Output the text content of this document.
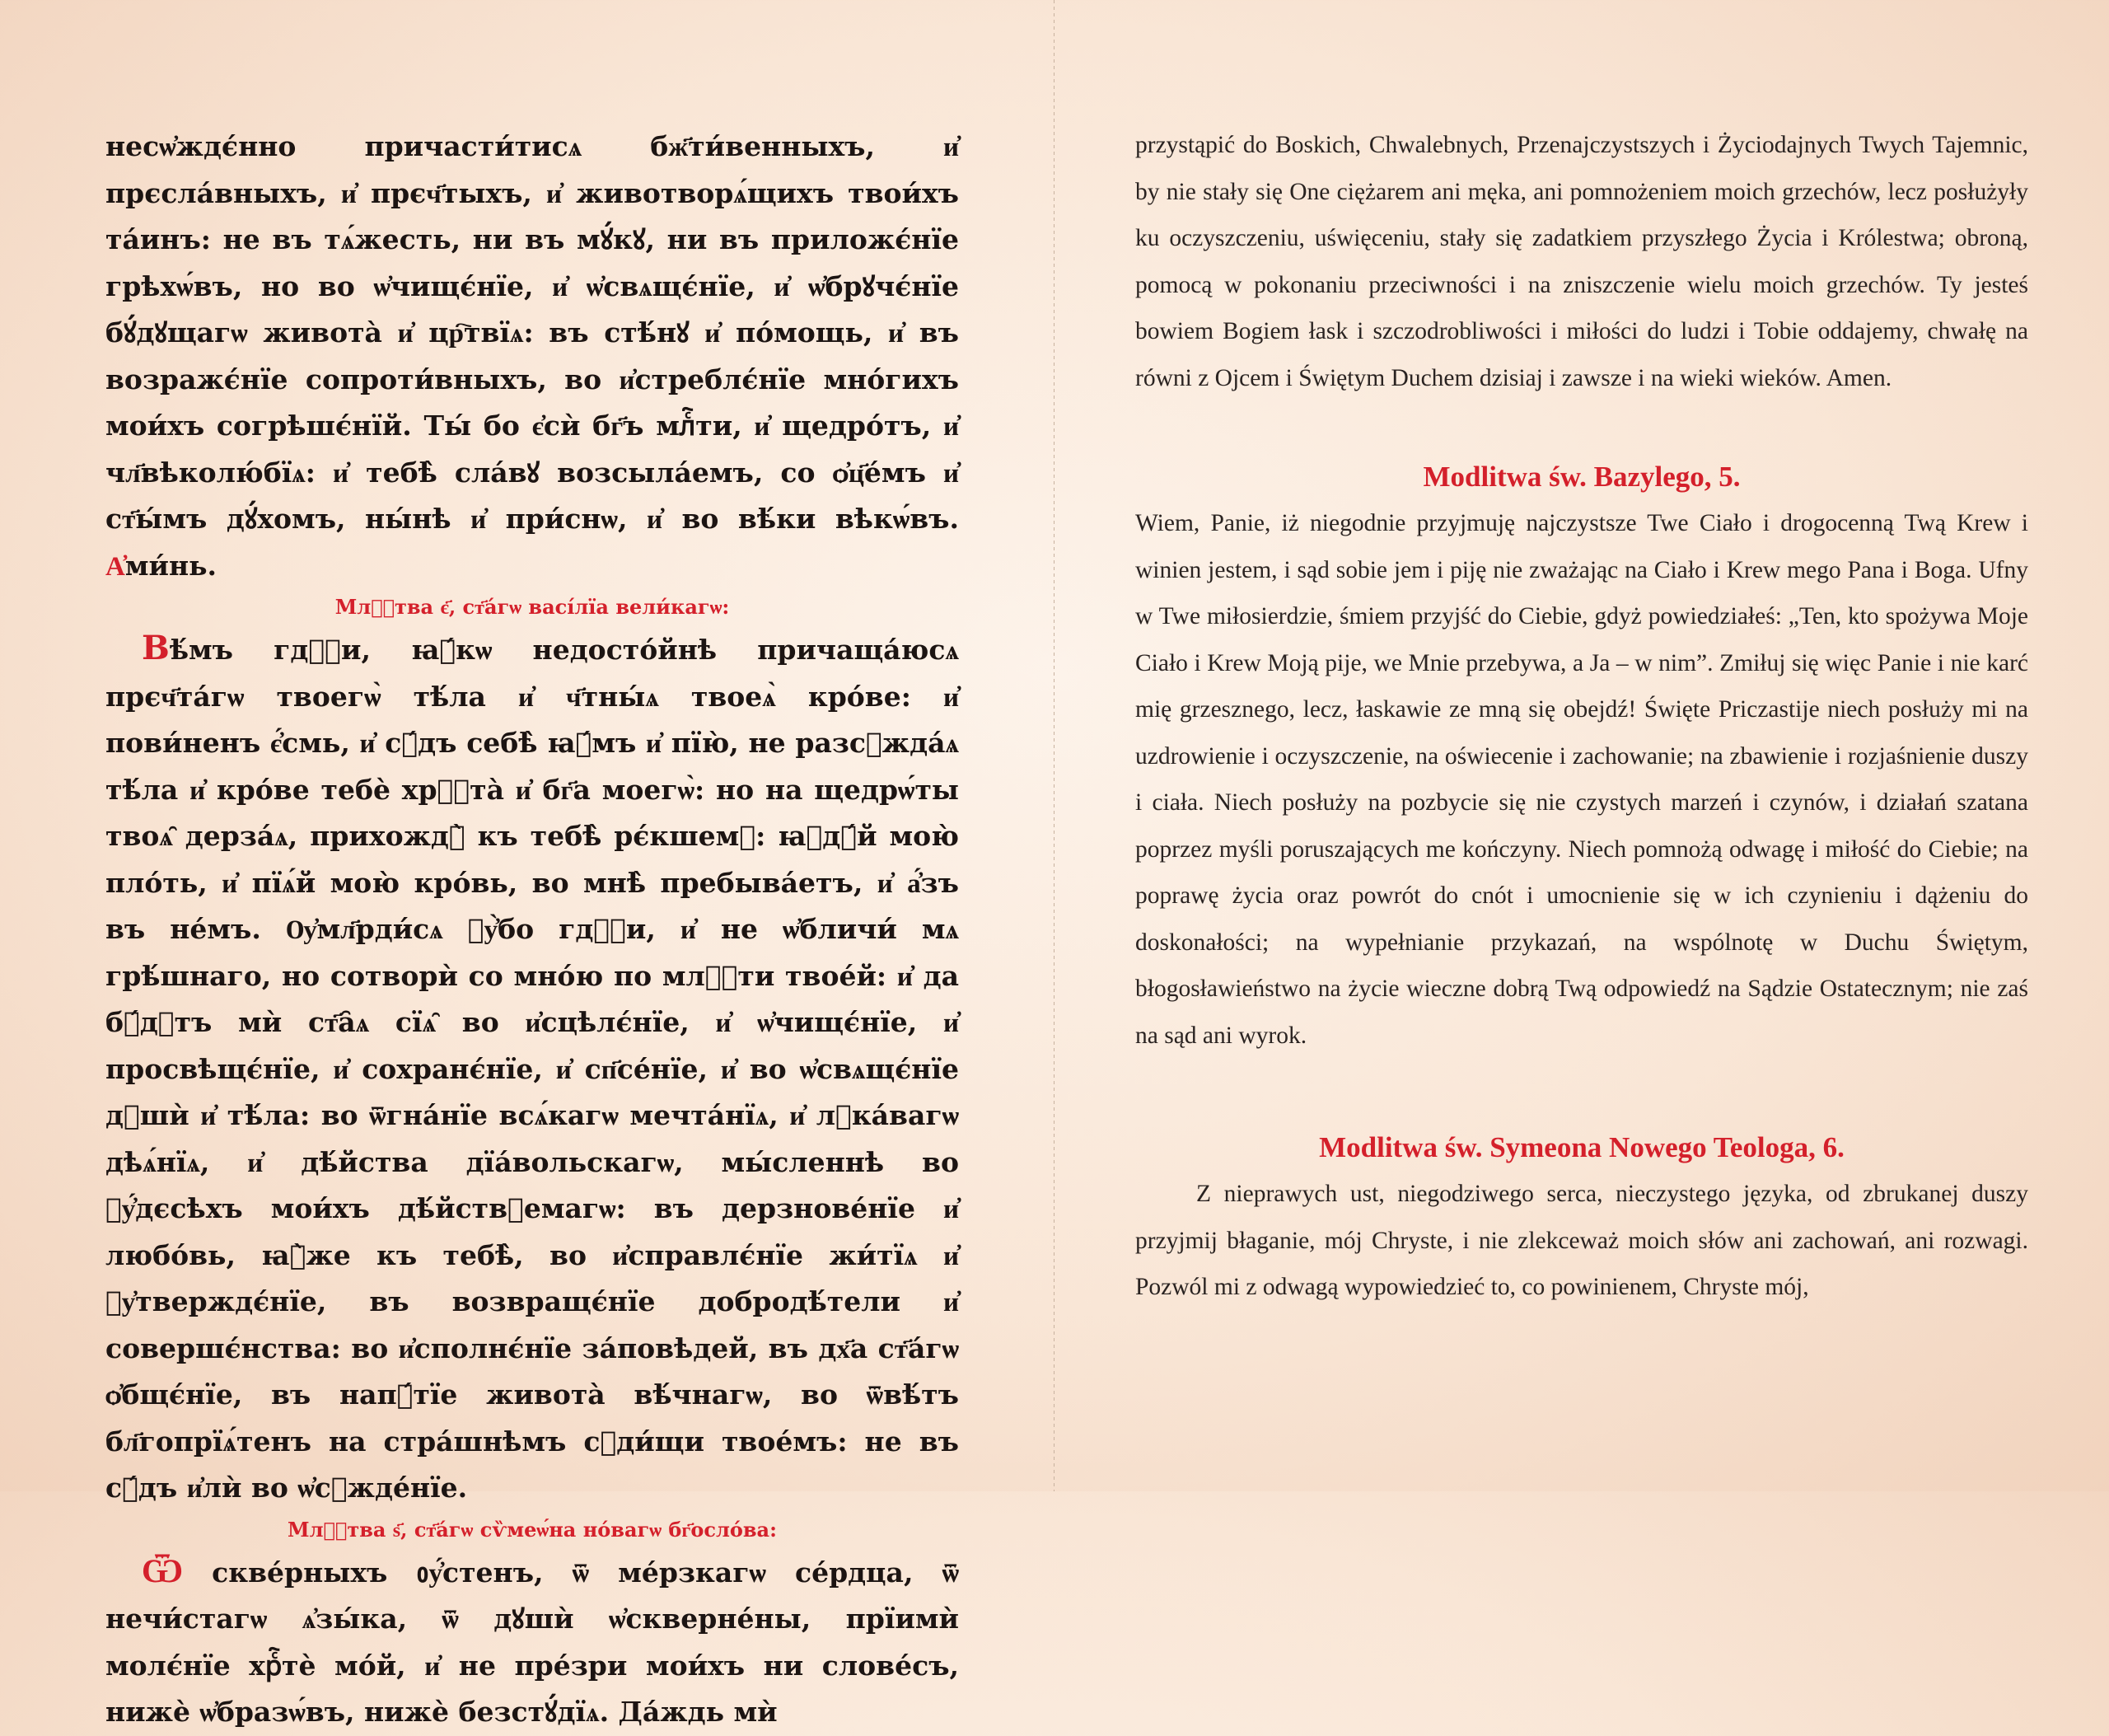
несѡ҆ждє́нно причасти́тисѧ бж҃ти́венныхъ, и҆ прєсла́вныхъ, и҆ прєч҃тыхъ, и҆ животворѧ́щихъ твои́хъ та́инъ: не въ тѧ́жесть, ни въ мꙋ́кꙋ, ни въ приложє́нїе грѣхѡ́въ, но во ѡ҆чищє́нїе, и҆ ѡ҆свѧщє́нїе, и҆ ѡ҆брꙋчє́нїе бꙋ́дꙋщагѡ живота̀ и҆ цр҇твїѧ: въ стѣ́нꙋ и҆ по́мощь, и҆ въ возражє́нїе сопроти́вныхъ, во и҆стреблє́нїе мно́гихъ мои́хъ согрѣшє́нїй. Ты́ бо є҆сѝ бг҃ъ млⷭ҇ти, и҆ щедро́тъ, и҆ чл҃вѣколю́бїѧ: и҆ тебѣ̀ сла́вꙋ возсыла́емъ, со ѻ҆ц҃е́мъ и҆ ст҃ы́мъ дꙋ́хомъ, ны́нѣ и҆ при́снѡ, и҆ во вѣ́ки вѣкѡ́въ. А҆ми́нь.

Млⷭ҇тва є҃, ст҃а́гѡ васі́лїа вели́кагѡ:

Вѣ́мъ гдⷭ҇и, ꙗ҆́кѡ недосто́йнѣ причаща́юсѧ прєч҃та́гѡ твоегѡ̀ тѣ́ла и҆ ч҃тны́ѧ твоеѧ̀ кро́ве: и҆ пови́ненъ є҆́смь, и҆ сꙋ́дъ себѣ̀ ꙗ҆́мъ и҆ пїю̀, не разсꙋжда́ѧ тѣ́ла и҆ кро́ве тебѐ хрⷭ҇та̀ и҆ бг҃а моегѡ̀: но на щедрѡ́ты твоѧ̑ дерза́ѧ, прихождꙋ̀ къ тебѣ̀ рє́кшемꙋ: ꙗ҆дꙋ́й мою̀ пло́ть, и҆ пїѧ́й мою̀ кро́вь, во мнѣ̀ пребыва́етъ, и҆ а҆́зъ въ не́мъ. Ѹ҆мл҃рди́сѧ ᲂу҆̀бо гдⷭ҇и, и҆ не ѡ҆бличи́ мѧ грѣ́шнаго, но сотворѝ со мно́ю по млⷭ҇ти твое́й: и҆ да бꙋ́дꙋтъ мѝ ст҃а̑ѧ сїѧ̑ во и҆сцѣлє́нїе, и҆ ѡ҆чищє́нїе, и҆ просвѣщє́нїе, и҆ сохранє́нїе, и҆ сп҃се́нїе, и҆ во ѡ҆свѧщє́нїе дꙋшѝ и҆ тѣ́ла: во ѿгна́нїе всѧ́кагѡ мечта́нїѧ, и҆ лꙋка́вагѡ дѣѧ́нїѧ, и҆ дѣ́йства дїа́вольскагѡ, мы́сленнѣ во ᲂу҆́дєсѣхъ мои́хъ дѣ́йствꙋемагѡ: въ дерзнове́нїе и҆ любо́вь, ꙗ҆̀же къ тебѣ̀, во и҆справлє́нїе жи́тїѧ и҆ ᲂу҆тверждє́нїе, въ возвращє́нїе добродѣ́тели и҆ совершє́нства: во и҆сполнє́нїе за́повѣдей, въ дх҃а ст҃а́гѡ ѻ҆бщє́нїе, въ напꙋ́тїе живота̀ вѣ́чнагѡ, во ѿвѣ́тъ бл҃гопрїѧ́тенъ на стра́шнѣмъ сꙋди́щи твое́мъ: не въ сꙋ́дъ и҆лѝ во ѡ҆сꙋжде́нїе.

Млⷭ҇тва ѕ҃, ст҃а́гѡ сѷмеѡ́на но́вагѡ бг҃осло́ва:

Ѿ скве́рныхъ ᲂу҆́стенъ, ѿ ме́рзкагѡ се́рдца, ѿ нечи́стагѡ ѧ҆зы́ка, ѿ дꙋшѝ ѡ҆скверне́ны, прїимѝ молє́нїе хрⷭ҇тѐ мо́й, и҆ не пре́зри мои́хъ ни слове́съ, нижѐ ѡ҆бразѡ́въ, нижѐ безстꙋ́дїѧ. Да́ждь мѝ

przystąpić do Boskich, Chwalebnych, Przenajczystszych i Życiodajnych Twych Tajemnic, by nie stały się One ciężarem ani męka, ani pomnożeniem moich grzechów, lecz posłużyły ku oczyszczeniu, uświęceniu, stały się zadatkiem przyszłego Życia i Królestwa; obroną, pomocą w pokonaniu przeciwności i na zniszczenie wielu moich grzechów. Ty jesteś bowiem Bogiem łask i szczodrobliwości i miłości do ludzi i Tobie oddajemy, chwałę na równi z Ojcem i Świętym Duchem dzisiaj i zawsze i na wieki wieków. Amen.

Modlitwa św. Bazylego, 5.

Wiem, Panie, iż niegodnie przyjmuję najczystsze Twe Ciało i drogocenną Twą Krew i winien jestem, i sąd sobie jem i piję nie zważając na Ciało i Krew mego Pana i Boga. Ufny w Twe miłosierdzie, śmiem przyjść do Ciebie, gdyż powiedziałeś: „Ten, kto spożywa Moje Ciało i Krew Moją pije, we Mnie przebywa, a Ja – w nim”. Zmiłuj się więc Panie i nie karć mię grzesznego, lecz, łaskawie ze mną się obejdź! Święte Priczastije niech posłuży mi na uzdrowienie i oczyszczenie, na oświecenie i zachowanie; na zbawienie i rozjaśnienie duszy i ciała. Niech posłuży na pozbycie się nie czystych marzeń i czynów, i działań szatana poprzez myśli poruszających me kończyny. Niech pomnożą odwagę i miłość do Ciebie; na poprawę życia oraz powrót do cnót i umocnienie się w ich czynieniu i dążeniu do doskonałości; na wypełnianie przykazań, na wspólnotę w Duchu Świętym, błogosławieństwo na życie wieczne dobrą Twą odpowiedź na Sądzie Ostatecznym; nie zaś na sąd ani wyrok.

Modlitwa św. Symeona Nowego Teologa, 6.

Z nieprawych ust, niegodziwego serca, nieczystego języka, od zbrukanej duszy przyjmij błaganie, mój Chryste, i nie zlekceważ moich słów ani zachowań, ani rozwagi. Pozwól mi z odwagą wypowiedzieć to, co powinienem, Chryste mój,
